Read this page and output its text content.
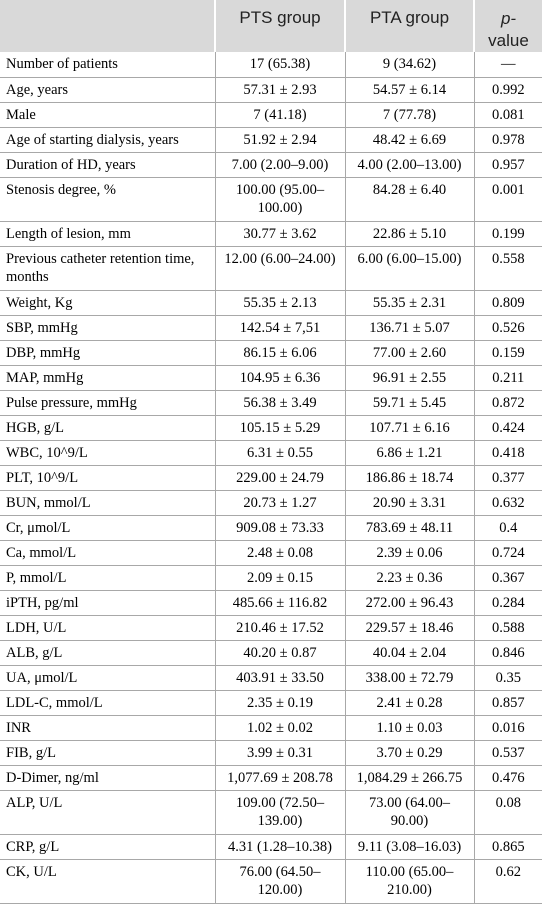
	PTS group	PTA group	p-
value
Number of patients	17 (65.38)	9 (34.62)	—
Age, years	57.31 ± 2.93	54.57 ± 6.14	0.992
Male	7 (41.18)	7 (77.78)	0.081
Age of starting dialysis, years	51.92 ± 2.94	48.42 ± 6.69	0.978
Duration of HD, years	7.00 (2.00–9.00)	4.00 (2.00–13.00)	0.957
Stenosis degree, %	100.00 (95.00–100.00)	84.28 ± 6.40	0.001
Length of lesion, mm	30.77 ± 3.62	22.86 ± 5.10	0.199
Previous catheter retention time, months	12.00 (6.00–24.00)	6.00 (6.00–15.00)	0.558
Weight, Kg	55.35 ± 2.13	55.35 ± 2.31	0.809
SBP, mmHg	142.54 ± 7,51	136.71 ± 5.07	0.526
DBP, mmHg	86.15 ± 6.06	77.00 ± 2.60	0.159
MAP, mmHg	104.95 ± 6.36	96.91 ± 2.55	0.211
Pulse pressure, mmHg	56.38 ± 3.49	59.71 ± 5.45	0.872
HGB, g/L	105.15 ± 5.29	107.71 ± 6.16	0.424
WBC, 10^9/L	6.31 ± 0.55	6.86 ± 1.21	0.418
PLT, 10^9/L	229.00 ± 24.79	186.86 ± 18.74	0.377
BUN, mmol/L	20.73 ± 1.27	20.90 ± 3.31	0.632
Cr, μmol/L	909.08 ± 73.33	783.69 ± 48.11	0.4
Ca, mmol/L	2.48 ± 0.08	2.39 ± 0.06	0.724
P, mmol/L	2.09 ± 0.15	2.23 ± 0.36	0.367
iPTH, pg/ml	485.66 ± 116.82	272.00 ± 96.43	0.284
LDH, U/L	210.46 ± 17.52	229.57 ± 18.46	0.588
ALB, g/L	40.20 ± 0.87	40.04 ± 2.04	0.846
UA, μmol/L	403.91 ± 33.50	338.00 ± 72.79	0.35
LDL-C, mmol/L	2.35 ± 0.19	2.41 ± 0.28	0.857
INR	1.02 ± 0.02	1.10 ± 0.03	0.016
FIB, g/L	3.99 ± 0.31	3.70 ± 0.29	0.537
D-Dimer, ng/ml	1,077.69 ± 208.78	1,084.29 ± 266.75	0.476
ALP, U/L	109.00 (72.50–139.00)	73.00 (64.00–90.00)	0.08
CRP, g/L	4.31 (1.28–10.38)	9.11 (3.08–16.03)	0.865
CK, U/L	76.00 (64.50–120.00)	110.00 (65.00–210.00)	0.62
